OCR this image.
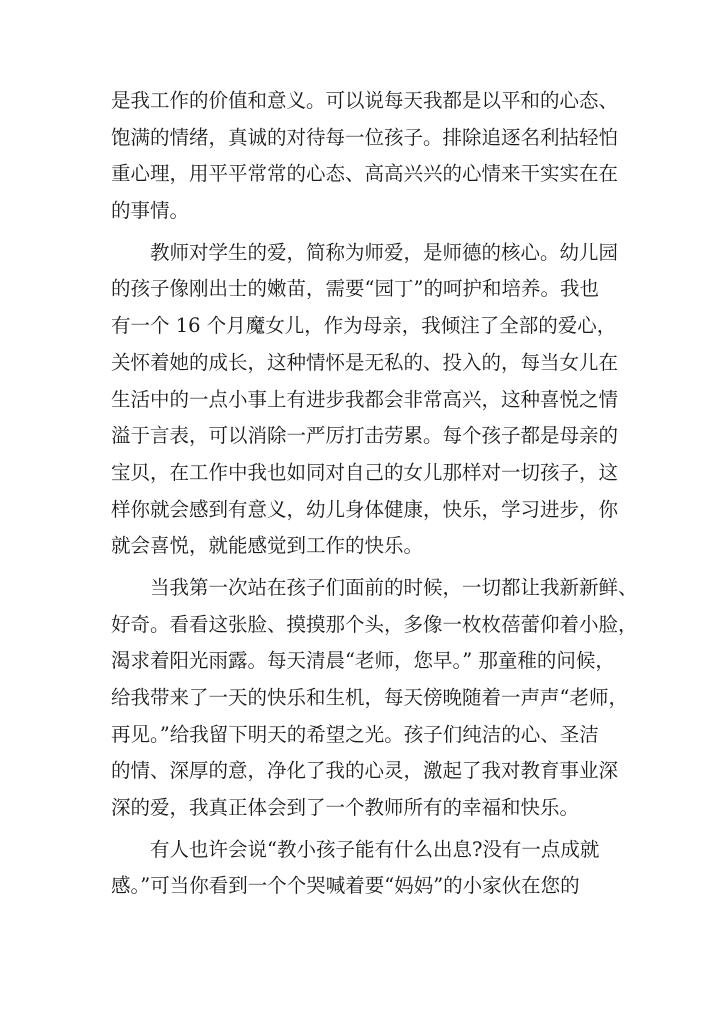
是我工作的价值和意义。可以说每天我都是以平和的心态、
饱满的情绪，真诚的对待每一位孩子。排除追逐名利拈轻怕
重心理，用平平常常的心态、高高兴兴的心情来干实实在在
的事情。
教师对学生的爱，简称为师爱，是师德的核心。幼儿园
的孩子像刚出士的嫩苗，需要“园丁”的呵护和培养。我也
有一个 16 个月魔女儿，作为母亲，我倾注了全部的爱心，
关怀着她的成长，这种情怀是无私的、投入的，每当女儿在
生活中的一点小事上有进步我都会非常高兴，这种喜悦之情
溢于言表，可以消除一严厉打击劳累。每个孩子都是母亲的
宝贝，在工作中我也如同对自己的女儿那样对一切孩子，这
样你就会感到有意义，幼儿身体健康，快乐，学习进步，你
就会喜悦，就能感觉到工作的快乐。
当我第一次站在孩子们面前的时候，一切都让我新新鲜、
好奇。看看这张脸、摸摸那个头，多像一枚枚蓓蕾仰着小脸，
渴求着阳光雨露。每天清晨“老师，您早。” 那童稚的问候，
给我带来了一天的快乐和生机，每天傍晚随着一声声“老师，
再见。”给我留下明天的希望之光。孩子们纯洁的心、圣洁
的情、深厚的意，净化了我的心灵，激起了我对教育事业深
深的爱，我真正体会到了一个教师所有的幸福和快乐。
有人也许会说“教小孩子能有什么出息?没有一点成就
感。”可当你看到一个个哭喊着要“妈妈”的小家伙在您的
